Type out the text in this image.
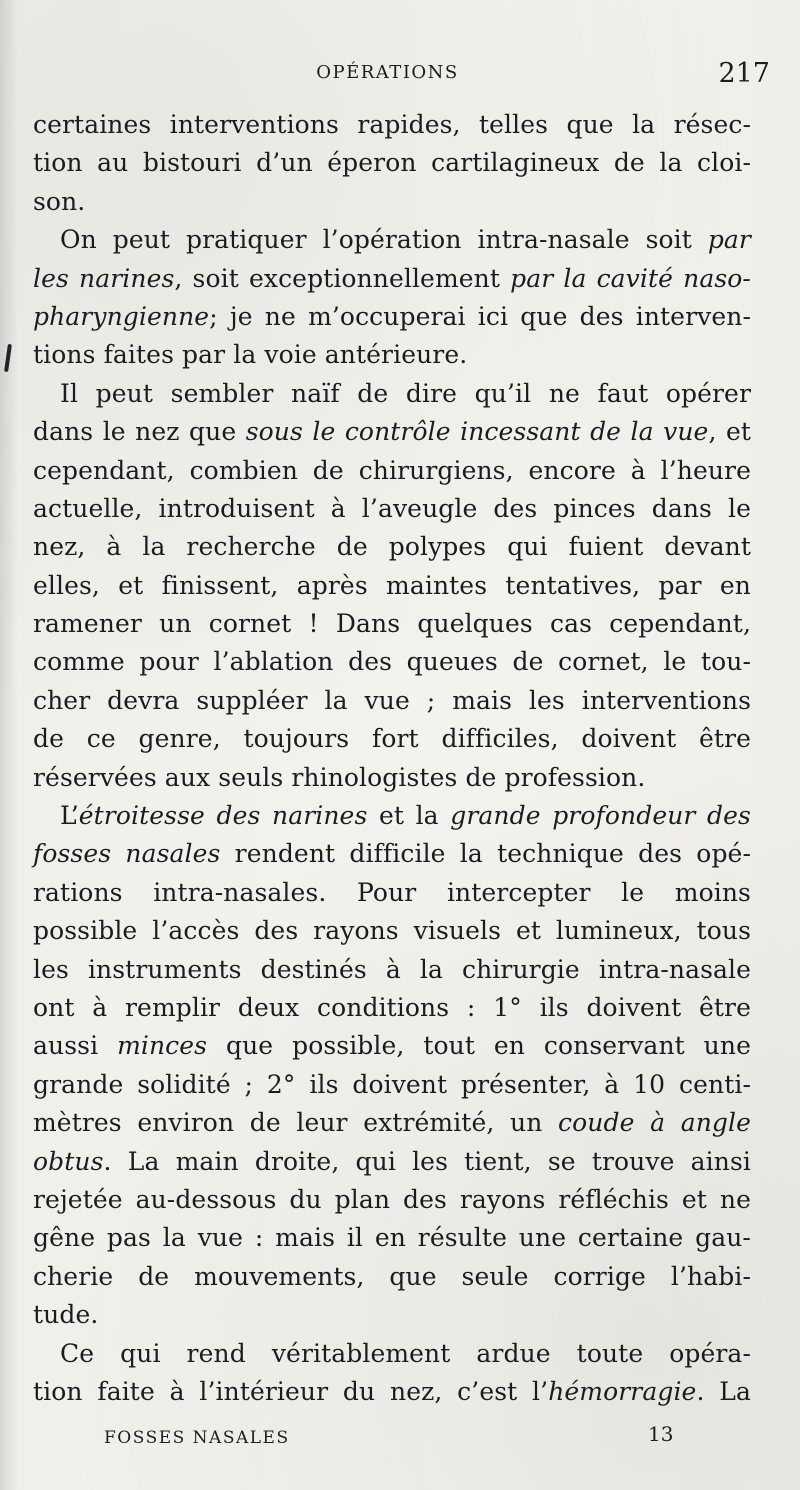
OPÉRATIONS	217
certaines interventions rapides, telles que la résec-
tion au bistouri d’un éperon cartilagineux de la cloi-
son.
On peut pratiquer l’opération intra-nasale soit par
les narines, soit exceptionnellement par la cavité naso-
pharyngienne; je ne m’occuperai ici que des interven-
tions faites par la voie antérieure.
Il peut sembler naïf de dire qu’il ne faut opérer
dans le nez que sous le contrôle incessant de la vue, et
cependant, combien de chirurgiens, encore à l’heure
actuelle, introduisent à l’aveugle des pinces dans le
nez, à la recherche de polypes qui fuient devant
elles, et finissent, après maintes tentatives, par en
ramener un cornet ! Dans quelques cas cependant,
comme pour l’ablation des queues de cornet, le tou-
cher devra suppléer la vue ; mais les interventions
de ce genre, toujours fort difficiles, doivent être
réservées aux seuls rhinologistes de profession.
L’étroitesse des narines et la grande profondeur des
fosses nasales rendent difficile la technique des opé-
rations intra-nasales. Pour intercepter le moins
possible l’accès des rayons visuels et lumineux, tous
les instruments destinés à la chirurgie intra-nasale
ont à remplir deux conditions : 1° ils doivent être
aussi minces que possible, tout en conservant une
grande solidité ; 2° ils doivent présenter, à 10 centi-
mètres environ de leur extrémité, un coude à angle
obtus. La main droite, qui les tient, se trouve ainsi
rejetée au-dessous du plan des rayons réfléchis et ne
gêne pas la vue : mais il en résulte une certaine gau-
cherie de mouvements, que seule corrige l’habi-
tude.
Ce qui rend véritablement ardue toute opéra-
tion faite à l’intérieur du nez, c’est l’hémorragie. La
FOSSES NASALES	13
